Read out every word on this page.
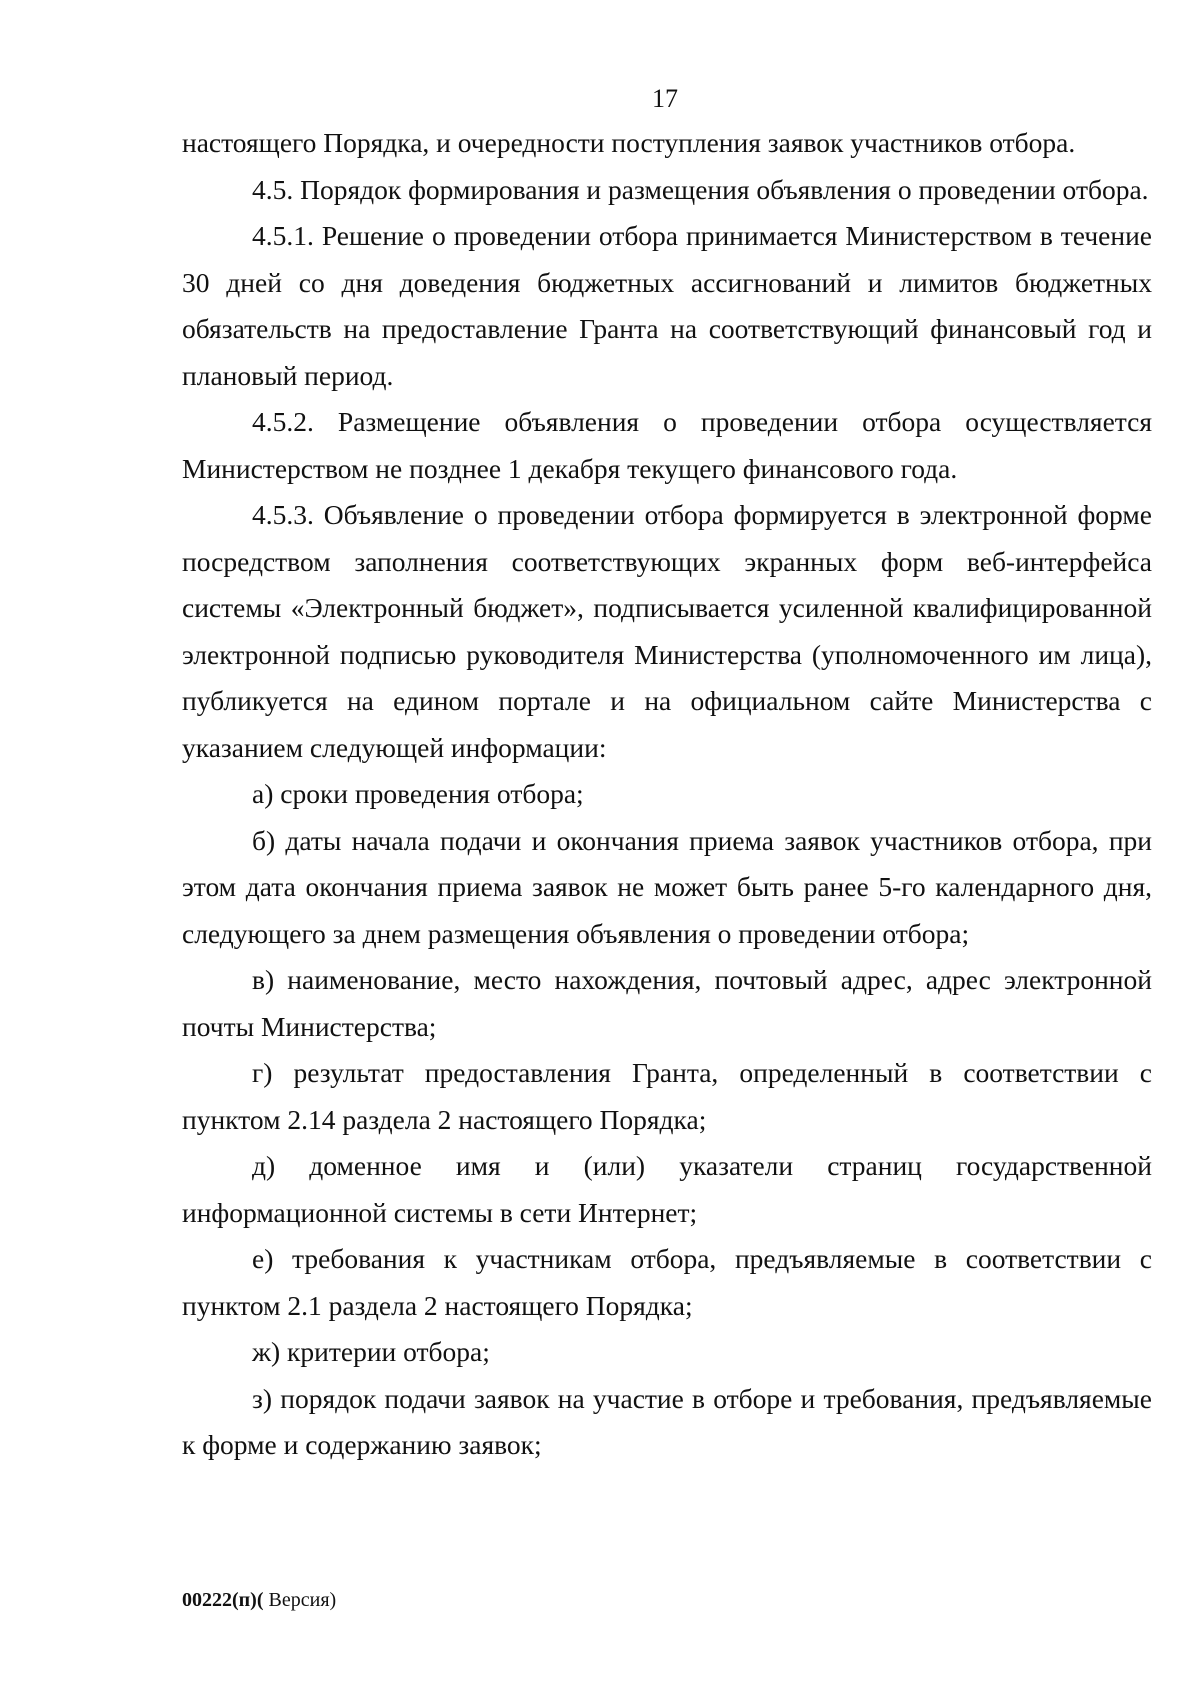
17

настоящего Порядка, и очередности поступления заявок участников отбора.

4.5. Порядок формирования и размещения объявления о проведении отбора.

4.5.1. Решение о проведении отбора принимается Министерством в течение 30 дней со дня доведения бюджетных ассигнований и лимитов бюджетных обязательств на предоставление Гранта на соответствующий финансовый год и плановый период.

4.5.2. Размещение объявления о проведении отбора осуществляется Министерством не позднее 1 декабря текущего финансового года.

4.5.3. Объявление о проведении отбора формируется в электронной форме посредством заполнения соответствующих экранных форм веб-интерфейса системы «Электронный бюджет», подписывается усиленной квалифицированной электронной подписью руководителя Министерства (уполномоченного им лица), публикуется на едином портале и на официальном сайте Министерства с указанием следующей информации:

а) сроки проведения отбора;

б) даты начала подачи и окончания приема заявок участников отбора, при этом дата окончания приема заявок не может быть ранее 5-го календарного дня, следующего за днем размещения объявления о проведении отбора;

в) наименование, место нахождения, почтовый адрес, адрес электронной почты Министерства;

г) результат предоставления Гранта, определенный в соответствии с пунктом 2.14 раздела 2 настоящего Порядка;

д) доменное имя и (или) указатели страниц государственной информационной системы в сети Интернет;

е) требования к участникам отбора, предъявляемые в соответствии с пунктом 2.1 раздела 2 настоящего Порядка;

ж) критерии отбора;

з) порядок подачи заявок на участие в отборе и требования, предъявляемые к форме и содержанию заявок;

00222(п)( Версия)
